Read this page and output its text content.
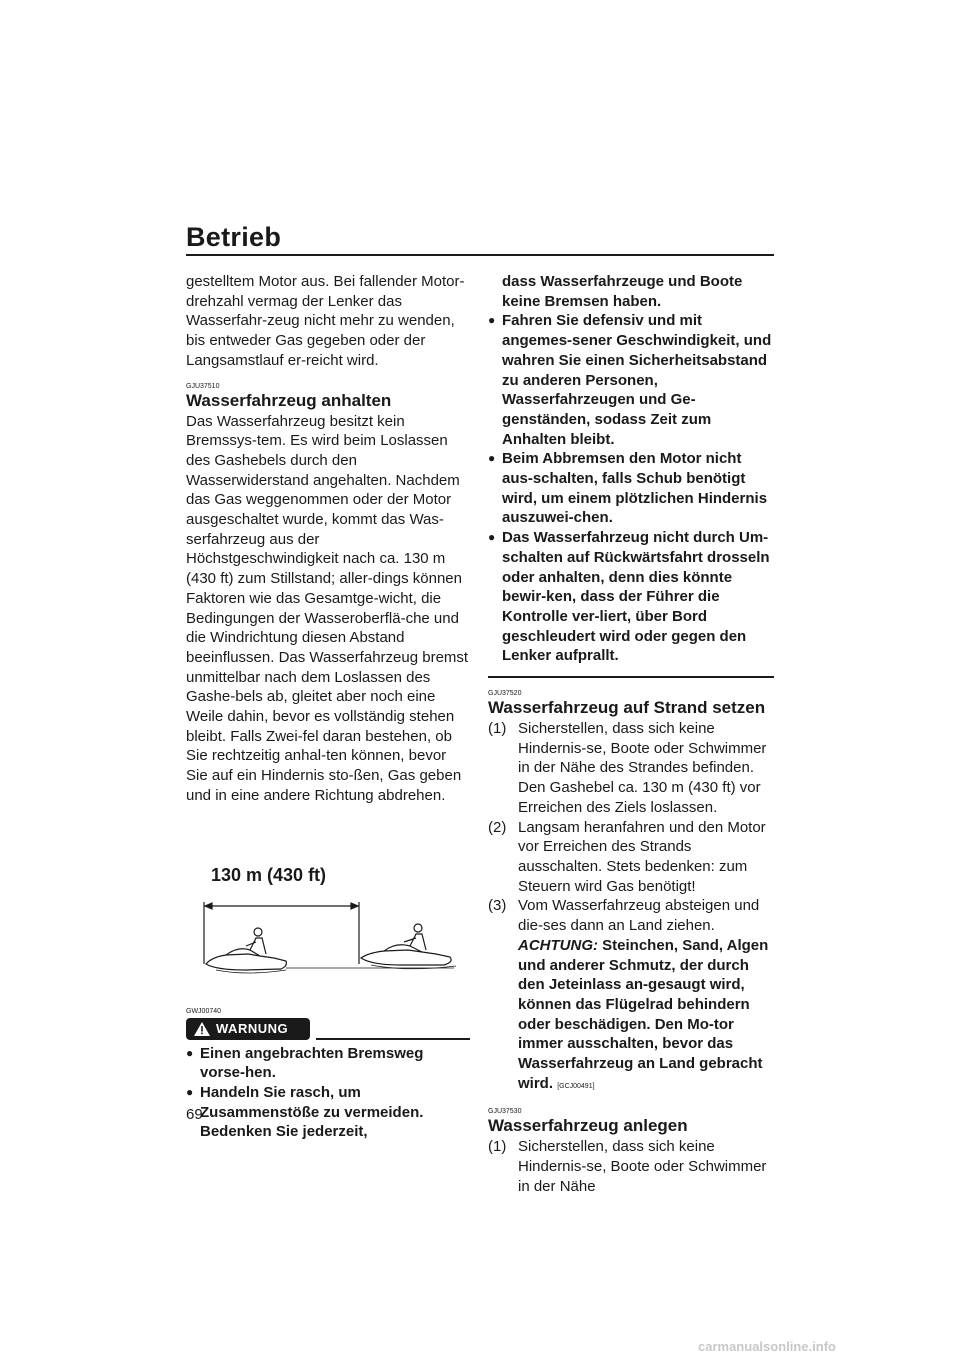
Betrieb

gestelltem Motor aus. Bei fallender Motor-drehzahl vermag der Lenker das Wasserfahr-zeug nicht mehr zu wenden, bis entweder Gas gegeben oder der Langsamstlauf er-reicht wird.

GJU37510
Wasserfahrzeug anhalten

Das Wasserfahrzeug besitzt kein Bremssys-tem. Es wird beim Loslassen des Gashebels durch den Wasserwiderstand angehalten. Nachdem das Gas weggenommen oder der Motor ausgeschaltet wurde, kommt das Was-serfahrzeug aus der Höchstgeschwindigkeit nach ca. 130 m (430 ft) zum Stillstand; aller-dings können Faktoren wie das Gesamtge-wicht, die Bedingungen der Wasseroberflä-che und die Windrichtung diesen Abstand beeinflussen. Das Wasserfahrzeug bremst unmittelbar nach dem Loslassen des Gashe-bels ab, gleitet aber noch eine Weile dahin, bevor es vollständig stehen bleibt. Falls Zwei-fel daran bestehen, ob Sie rechtzeitig anhal-ten können, bevor Sie auf ein Hindernis sto-ßen, Gas geben und in eine andere Richtung abdrehen.

130 m (430 ft)
GWJ00740
WARNUNG
● Einen angebrachten Bremsweg vorse-hen.
● Handeln Sie rasch, um Zusammenstöße zu vermeiden. Bedenken Sie jederzeit,

dass Wasserfahrzeuge und Boote keine Bremsen haben.

● Fahren Sie defensiv und mit angemes-sener Geschwindigkeit, und wahren Sie einen Sicherheitsabstand zu anderen Personen, Wasserfahrzeugen und Ge-genständen, sodass Zeit zum Anhalten bleibt.
● Beim Abbremsen den Motor nicht aus-schalten, falls Schub benötigt wird, um einem plötzlichen Hindernis auszuwei-chen.
● Das Wasserfahrzeug nicht durch Um-schalten auf Rückwärtsfahrt drosseln oder anhalten, denn dies könnte bewir-ken, dass der Führer die Kontrolle ver-liert, über Bord geschleudert wird oder gegen den Lenker aufprallt.
GJU37520
Wasserfahrzeug auf Strand setzen
(1) Sicherstellen, dass sich keine Hindernis-se, Boote oder Schwimmer in der Nähe des Strandes befinden. Den Gashebel ca. 130 m (430 ft) vor Erreichen des Ziels loslassen.
(2) Langsam heranfahren und den Motor vor Erreichen des Strands ausschalten. Stets bedenken: zum Steuern wird Gas benötigt!
(3) Vom Wasserfahrzeug absteigen und die-ses dann an Land ziehen. ACHTUNG: Steinchen, Sand, Algen und anderer Schmutz, der durch den Jeteinlass an-gesaugt wird, können das Flügelrad behindern oder beschädigen. Den Mo-tor immer ausschalten, bevor das Wasserfahrzeug an Land gebracht wird. [GCJ00491]
GJU37530
Wasserfahrzeug anlegen
(1) Sicherstellen, dass sich keine Hindernis-se, Boote oder Schwimmer in der Nähe
69
carmanualsonline.info
